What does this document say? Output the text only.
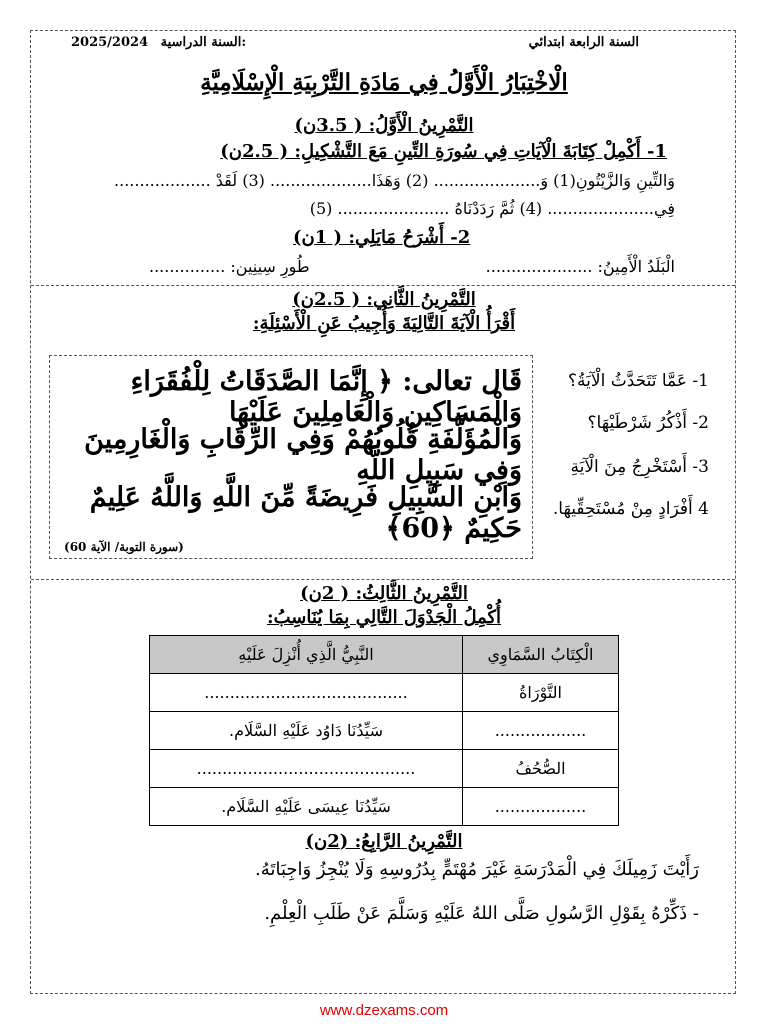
السنة الرابعة ابتدائي
2025/2024 السنة الدراسية:
الْاخْتِبَارُ الْأَوَّلُ فِي مَادَةِ التَّرْبِيَةِ الْإِسْلَامِيَّةِ
التَّمْرِينُ الْأَوَّلُ: ( 3.5ن)
1- أَكْمِلْ كِتَابَةَ الْآيَاتِ فِي سُورَةِ التِّينِ مَعَ التَّشْكِيلِ: ( 2.5ن)
وَالتِّينِ وَالزَّيْتُونِ(1) وَ..................... (2) وَهَذَا.................... (3) لَقَدْ ...................
فِي..................... (4) ثُمَّ رَدَدْنَاهُ ...................... (5)
2- أَشْرَحُ مَايَلِي: ( 1ن)
الْبَلَدُ الْأَمِينُ: .....................
طُورِ سِينِين: ...............
التَّمْرِينُ الثَّانِي: ( 2.5ن)
أَقْرَأُ الْآيَةَ التَّالِيَةَ وَأُجِيبُ عَنِ الْأَسْئِلَةِ:
قَال تعالى: ﴿ إِنَّمَا الصَّدَقَاتُ لِلْفُقَرَاءِ وَالْمَسَاكِينِ وَالْعَامِلِينَ عَلَيْهَا
وَالْمُؤَلَّفَةِ قُلُوبُهُمْ وَفِي الرِّقَابِ وَالْغَارِمِينَ وَفِي سَبِيلِ اللَّهِ
وَابْنِ السَّبِيلِ فَرِيضَةً مِّنَ اللَّهِ وَاللَّهُ عَلِيمٌ حَكِيمٌ ﴿60﴾
(سورة التوبة/ الآية 60)
1- عَمَّا تَتَحَدَّثُ الْآيَةُ؟
2- أَذْكُرُ شَرْطَيْهَا؟
3- أَسْتَخْرِجُ مِنَ الْآيَةِ
4 أَفْرَادٍ مِنْ مُسْتَحِقِّيهَا.
التَّمْرِينُ الثَّالِثُ: ( 2ن)
أُكْمِلُ الْجَدْوَلَ التَّالِي بِمَا يُنَاسِبُ:
الْكِتَابُ السَّمَاوِي	النَّبِيُّ الَّذِي أُنْزِلَ عَلَيْهِ
التَّوْرَاةُ	........................................
..................	سَيِّدُنَا دَاوُد عَلَيْهِ السَّلَام.
الصُّحُفُ	...........................................
..................	سَيِّدُنَا عِيسَى عَلَيْهِ السَّلَام.
التَّمْرِينُ الرَّابِعُ: (2ن)
رَأَيْتَ زَمِيلَكَ فِي الْمَدْرَسَةِ غَيْرَ مُهْتَمٍّ بِدُرُوسِهِ وَلَا يُنْجِزُ وَاجِبَاتَهُ.
- ذَكِّرْهُ بِقَوْلِ الرَّسُولِ صَلَّى اللهُ عَلَيْهِ وَسَلَّمَ عَنْ طَلَبِ الْعِلْمِ.
www.dzexams.com
